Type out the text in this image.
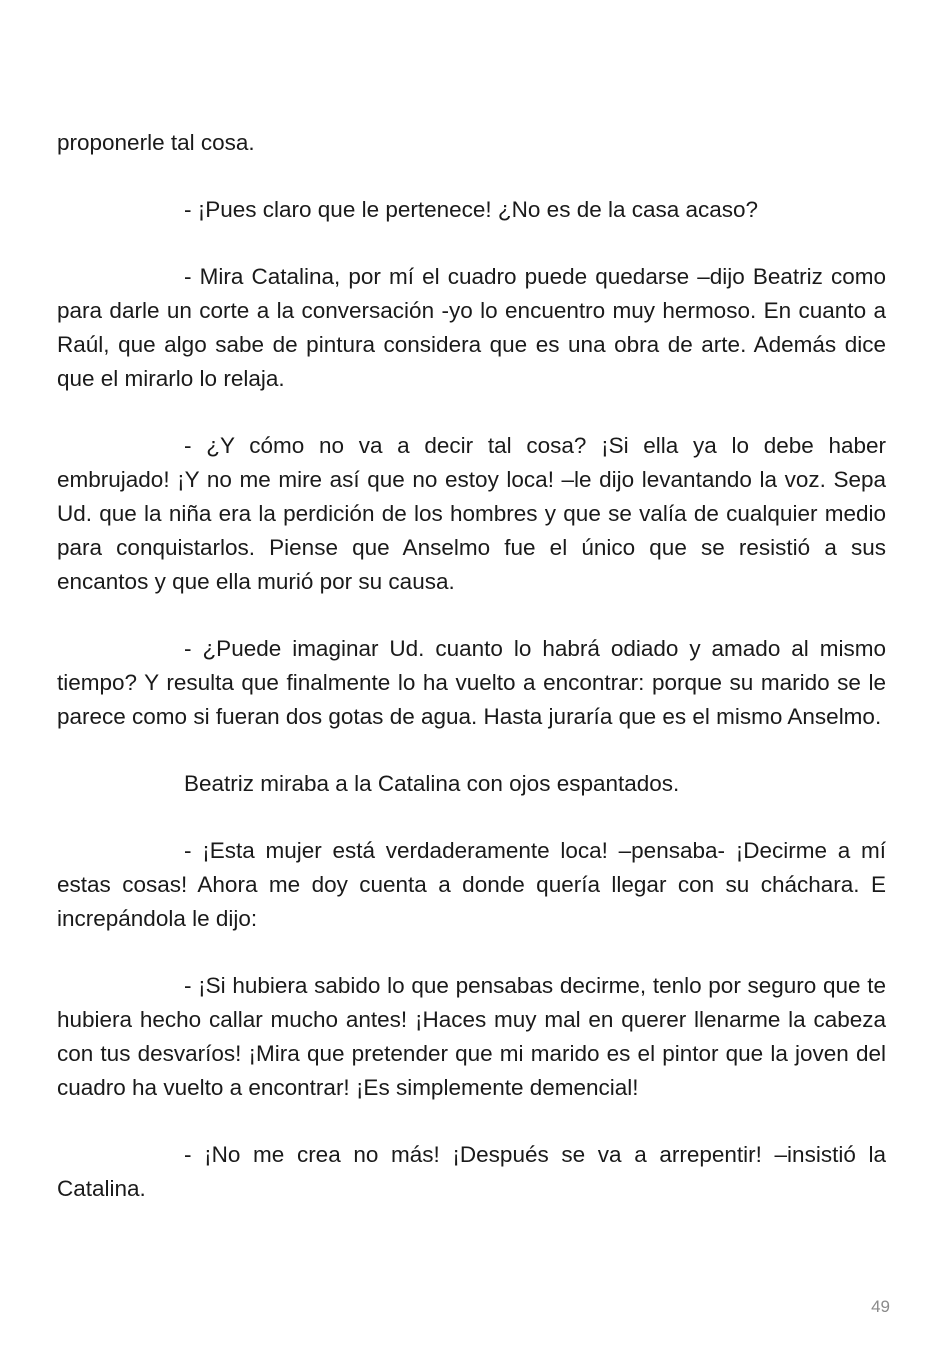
proponerle tal cosa.

- ¡Pues claro que le pertenece! ¿No es de la casa acaso?

- Mira Catalina, por mí el cuadro puede quedarse –dijo Beatriz como para darle un corte a la conversación -yo lo encuentro muy hermoso. En cuanto a Raúl, que algo sabe de pintura considera que es una obra de arte. Además dice que el mirarlo lo relaja.

- ¿Y cómo no va a decir tal cosa? ¡Si ella ya lo debe haber embrujado! ¡Y no me mire así que no estoy loca! –le dijo levantando la voz. Sepa Ud. que la niña era la perdición de los hombres y que se valía de cualquier medio para conquistarlos. Piense que Anselmo fue el único que se resistió a sus encantos y que ella murió por su causa.

- ¿Puede imaginar Ud. cuanto lo habrá odiado y amado al mismo tiempo? Y resulta que finalmente lo ha vuelto a encontrar: porque su marido se le parece como si fueran dos gotas de agua. Hasta juraría que es el mismo Anselmo.

Beatriz miraba a la Catalina con ojos espantados.

- ¡Esta mujer está verdaderamente loca! –pensaba- ¡Decirme a mí estas cosas! Ahora me doy cuenta a donde quería llegar con su cháchara. E increpándola le dijo:

- ¡Si hubiera sabido lo que pensabas decirme, tenlo por seguro que te hubiera hecho callar mucho antes! ¡Haces muy mal en querer llenarme la cabeza con tus desvaríos! ¡Mira que pretender que mi marido es el pintor que la joven del cuadro ha vuelto a encontrar! ¡Es simplemente demencial!

- ¡No me crea no más! ¡Después se va a arrepentir! –insistió la Catalina.

49
